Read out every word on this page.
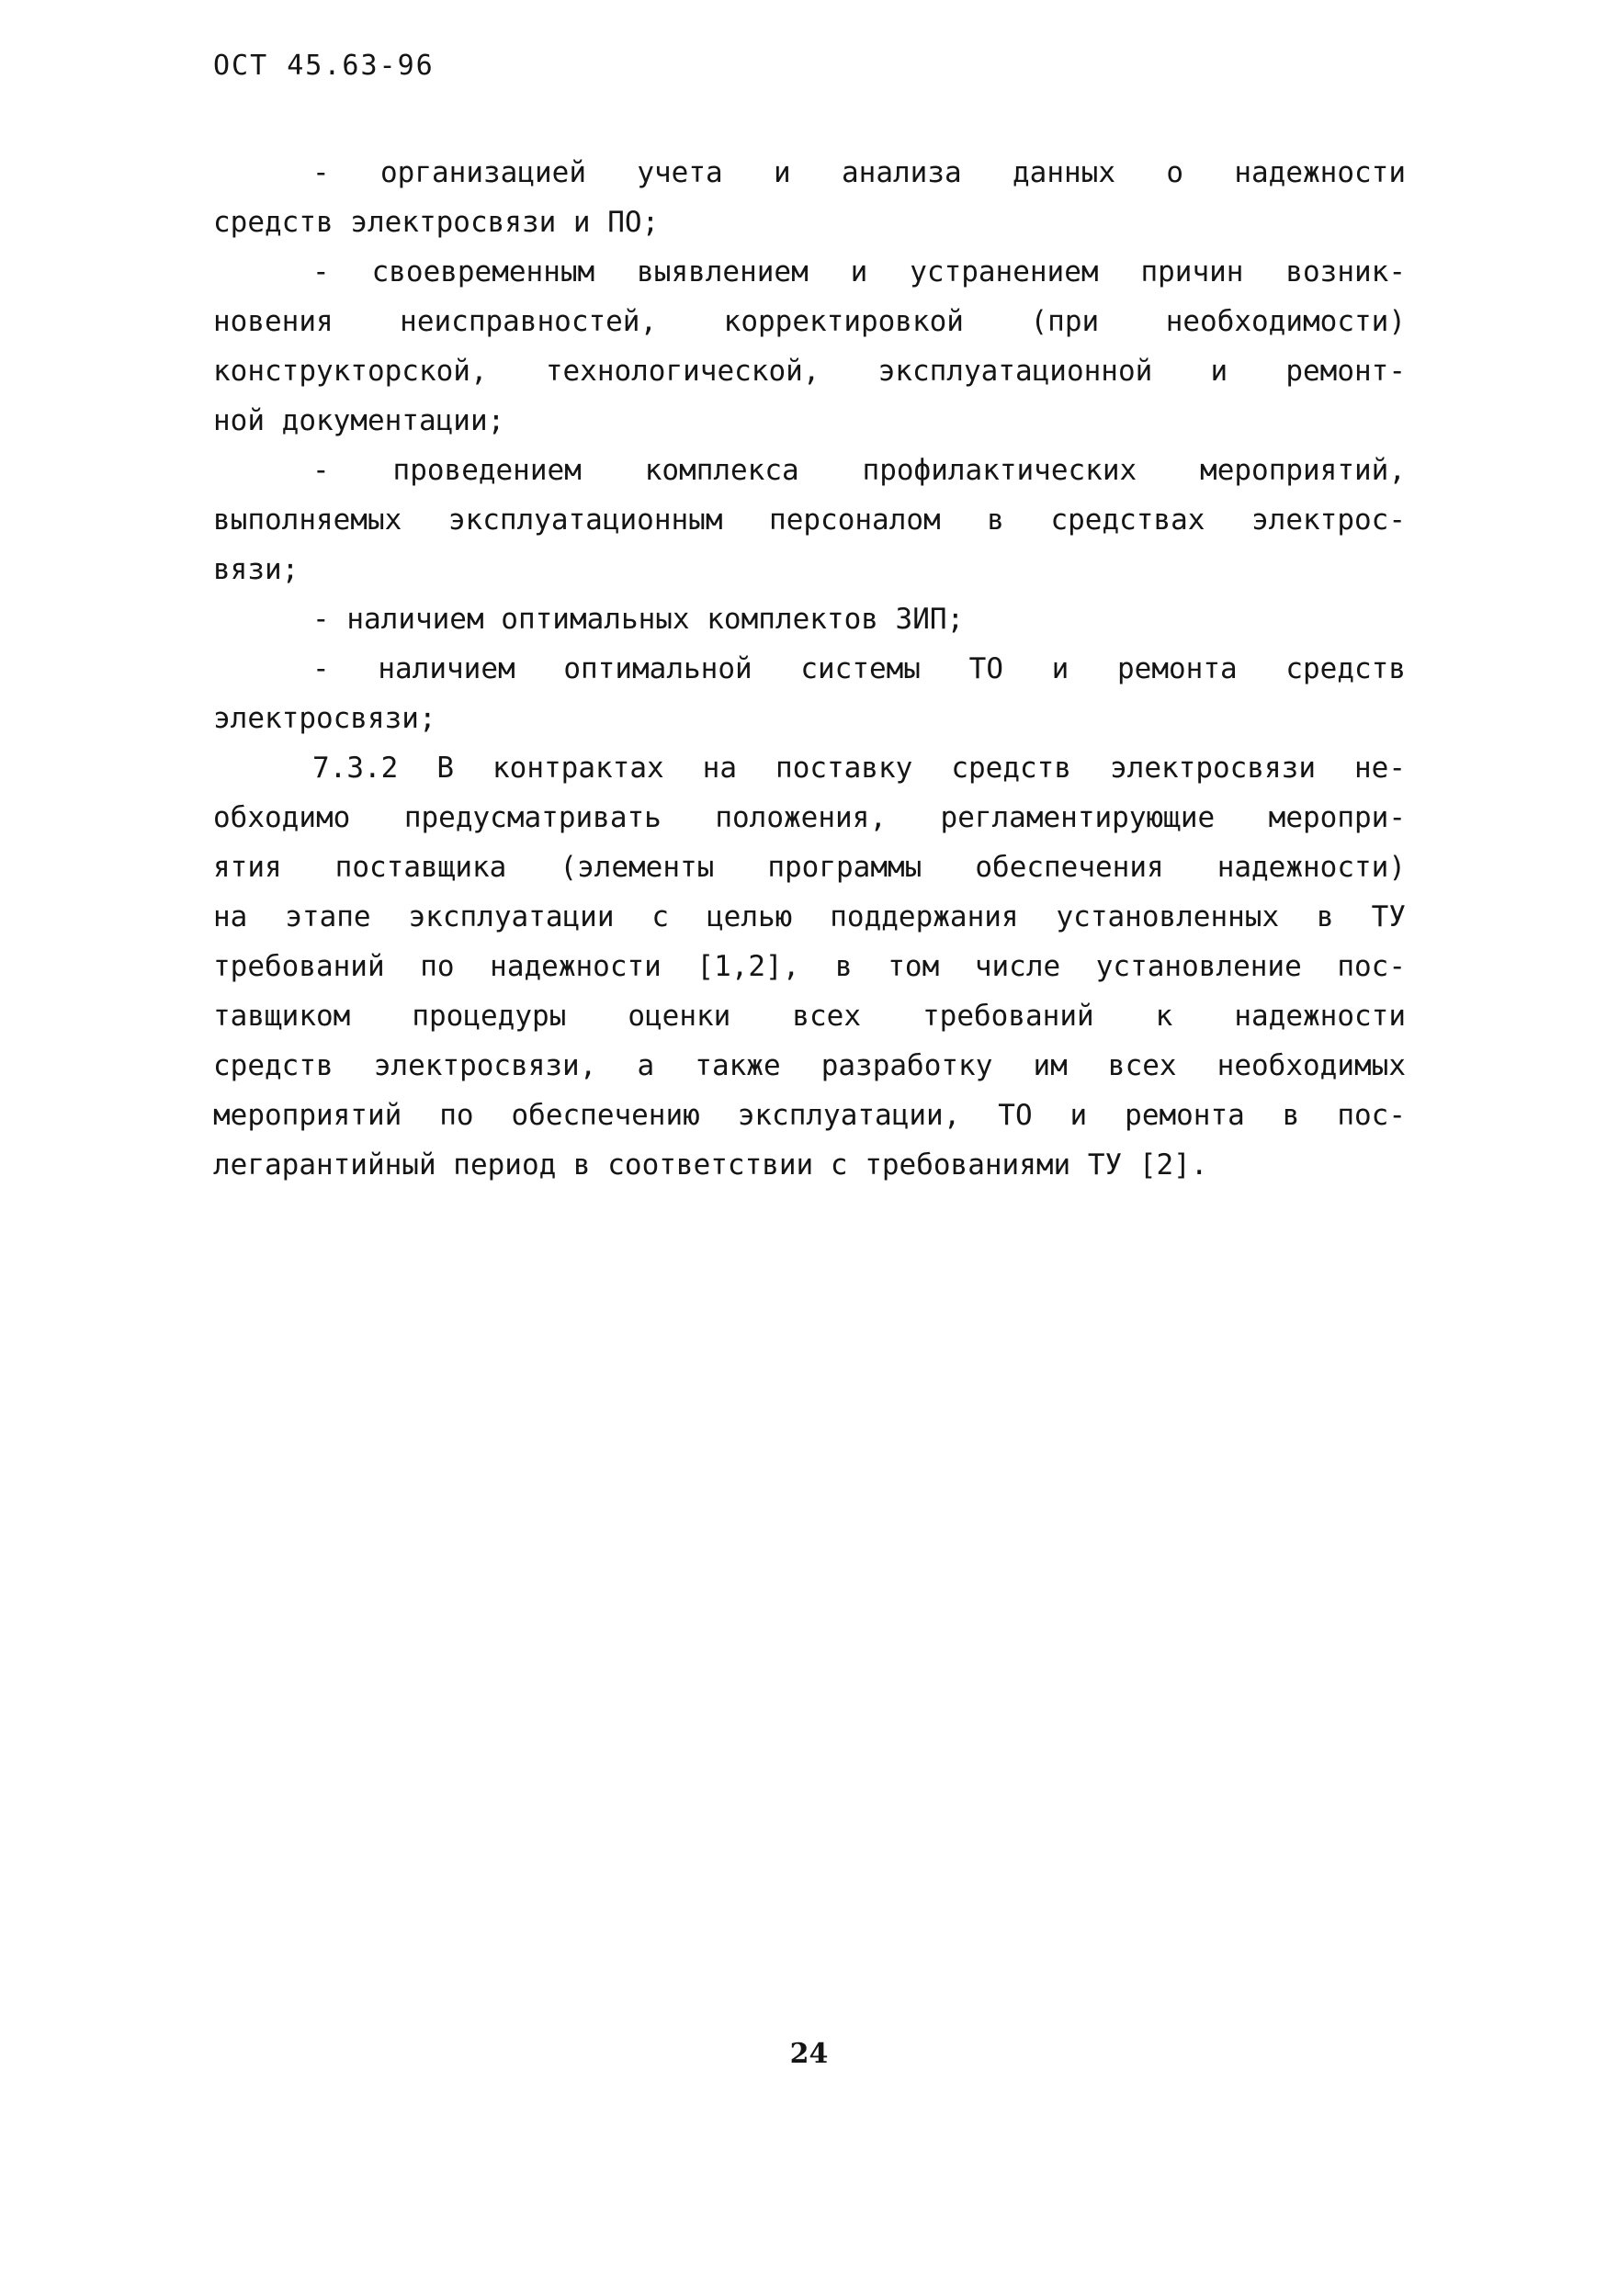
ОСТ 45.63-96
- организацией учета и анализа данных о надежности
средств электросвязи и ПО;
- своевременным выявлением и устранением причин возник-
новения неисправностей, корректировкой (при необходимости)
конструкторской, технологической, эксплуатационной и ремонт-
ной документации;
- проведением комплекса профилактических мероприятий,
выполняемых эксплуатационным персоналом в средствах электрос-
вязи;
- наличием оптимальных комплектов ЗИП;
- наличием оптимальной системы ТО и ремонта средств
электросвязи;
7.3.2 В контрактах на поставку средств электросвязи не-
обходимо предусматривать положения, регламентирующие меропри-
ятия поставщика (элементы программы обеспечения надежности)
на этапе эксплуатации с целью поддержания установленных в ТУ
требований по надежности [1,2], в том числе установление пос-
тавщиком процедуры оценки всех требований к надежности
средств электросвязи, а также разработку им всех необходимых
мероприятий по обеспечению эксплуатации, ТО и ремонта в пос-
легарантийный период в соответствии с требованиями ТУ [2].
24
